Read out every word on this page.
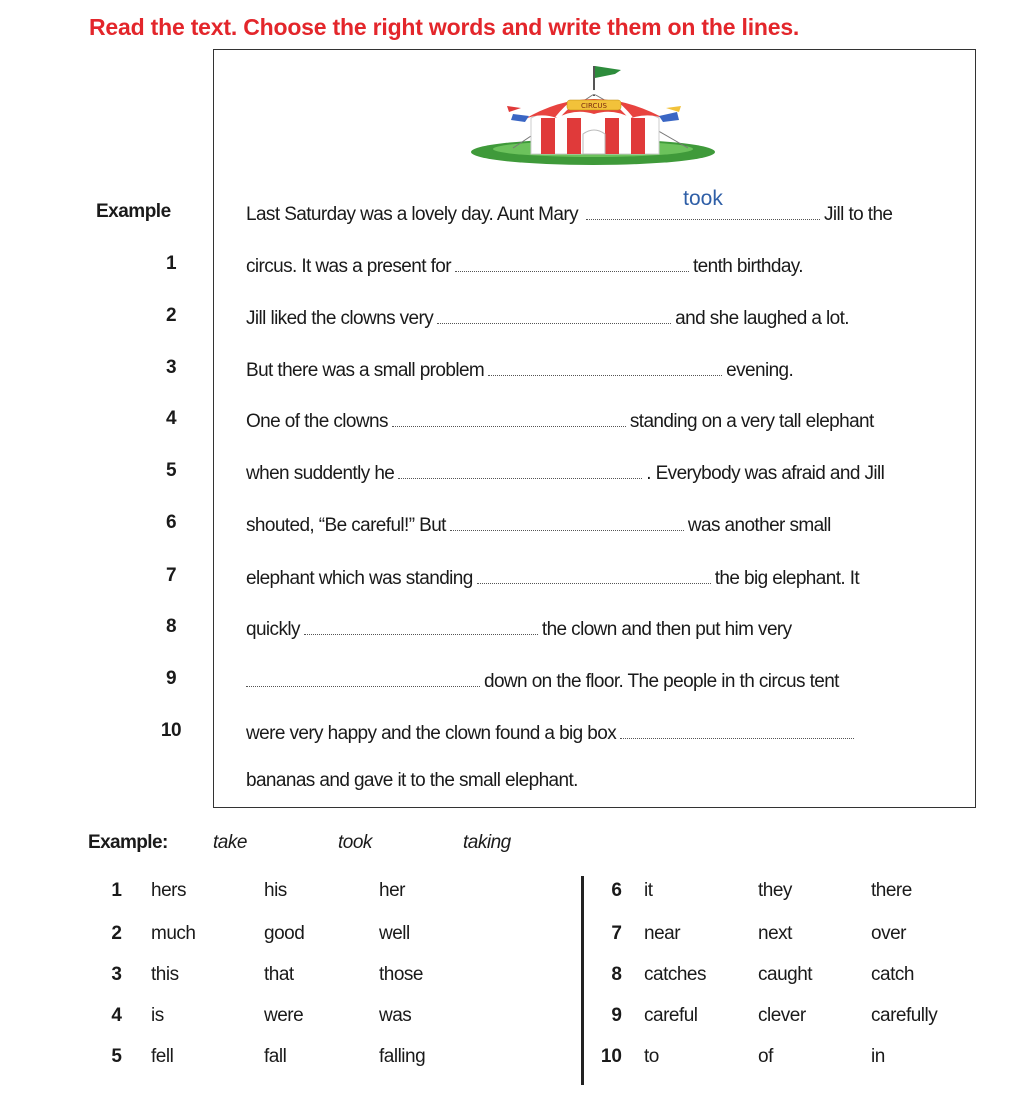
Read the text. Choose the right words and write them on the lines.
CIRCUS
Example	Last Saturday was a lovely day. Aunt Mary
took
Jill to the
1	circus. It was a present for	tenth birthday.
2	Jill liked the clowns very	and she laughed a lot.
3	But there was a small problem	evening.
4	One of the clowns	standing on a very tall elephant
5	when suddently he	. Everybody was afraid and Jill
6	shouted, “Be careful!” But	was another small
7	elephant which was standing	the big elephant. It
8	quickly	the clown and then put him very
9	down on the floor. The people in th circus tent
10	were very happy and the clown found a big box
bananas and gave it to the small elephant.
Example: take	took	taking
1 hers	his	her
2 much	good	well
3 this	that	those
4 is	were	was
5 fell	fall	falling
6 it	they	there
7 near	next	over
8 catches	caught	catch
9 careful	clever	carefully
10 to	of	in
